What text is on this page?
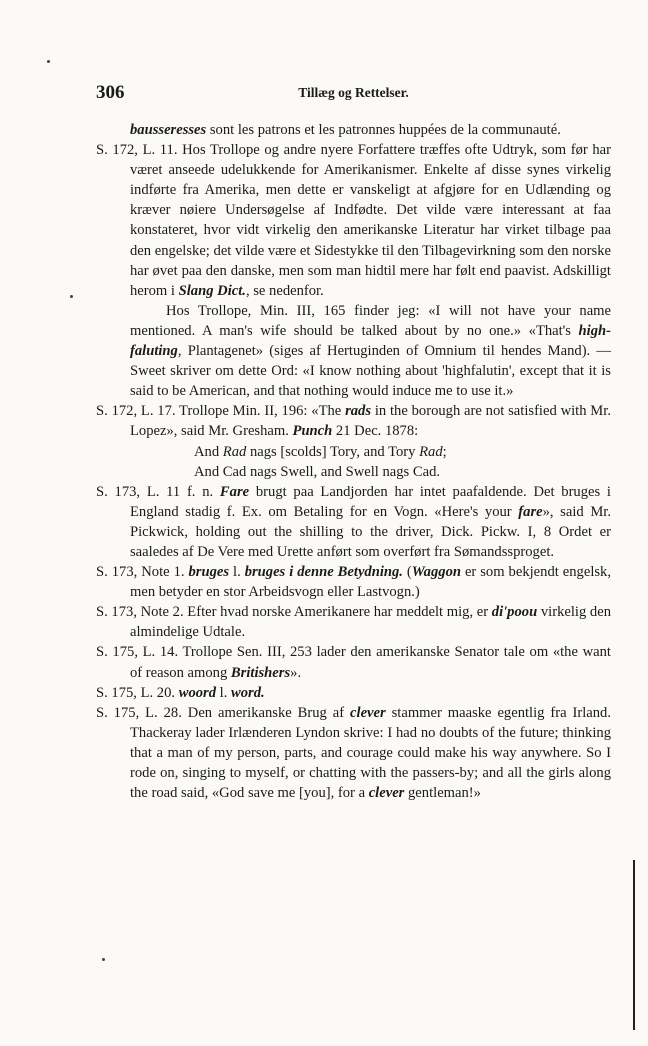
306	Tillæg og Rettelser.

bausseresses sont les patrons et les patronnes huppées de la communauté.

S. 172, L. 11. Hos Trollope og andre nyere Forfattere træffes ofte Udtryk, som før har været anseede udelukkende for Amerikanismer. Enkelte af disse synes virkelig indførte fra Amerika, men dette er vanskeligt at afgjøre for en Udlænding og kræver nøiere Undersøgelse af Indfødte. Det vilde være interessant at faa konstateret, hvor vidt virkelig den amerikanske Literatur har virket tilbage paa den engelske; det vilde være et Sidestykke til den Tilbagevirkning som den norske har øvet paa den danske, men som man hidtil mere har følt end paavist. Adskilligt herom i Slang Dict., se nedenfor.

Hos Trollope, Min. III, 165 finder jeg: «I will not have your name mentioned. A man's wife should be talked about by no one.» «That's high-faluting, Plantagenet» (siges af Hertuginden of Omnium til hendes Mand). — Sweet skriver om dette Ord: «I know nothing about 'highfalutin', except that it is said to be American, and that nothing would induce me to use it.»

S. 172, L. 17. Trollope Min. II, 196: «The rads in the borough are not satisfied with Mr. Lopez», said Mr. Gresham. Punch 21 Dec. 1878:

And Rad nags [scolds] Tory, and Tory Rad;

And Cad nags Swell, and Swell nags Cad.

S. 173, L. 11 f. n. Fare brugt paa Landjorden har intet paafaldende. Det bruges i England stadig f. Ex. om Betaling for en Vogn. «Here's your fare», said Mr. Pickwick, holding out the shilling to the driver, Dick. Pickw. I, 8 Ordet er saaledes af De Vere med Urette anført som overført fra Sømandssproget.

S. 173, Note 1. bruges l. bruges i denne Betydning. (Waggon er som bekjendt engelsk, men betyder en stor Arbeidsvogn eller Lastvogn.)

S. 173, Note 2. Efter hvad norske Amerikanere har meddelt mig, er di'poou virkelig den almindelige Udtale.

S. 175, L. 14. Trollope Sen. III, 253 lader den amerikanske Senator tale om «the want of reason among Britishers».

S. 175, L. 20. woord l. word.

S. 175, L. 28. Den amerikanske Brug af clever stammer maaske egentlig fra Irland. Thackeray lader Irlænderen Lyndon skrive: I had no doubts of the future; thinking that a man of my person, parts, and courage could make his way anywhere. So I rode on, singing to myself, or chatting with the passers-by; and all the girls along the road said, «God save me [you], for a clever gentleman!»
